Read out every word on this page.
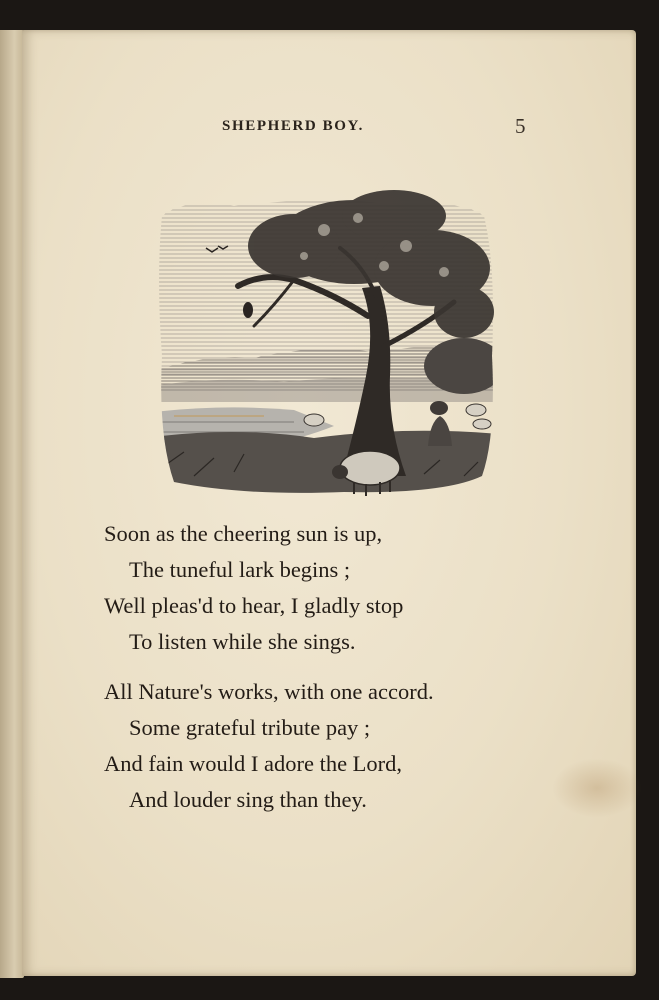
SHEPHERD BOY.	5
Soon as the cheering sun is up,
The tuneful lark begins ;
Well pleas'd to hear, I gladly stop
To listen while she sings.
All Nature's works, with one accord.
Some grateful tribute pay ;
And fain would I adore the Lord,
And louder sing than they.
